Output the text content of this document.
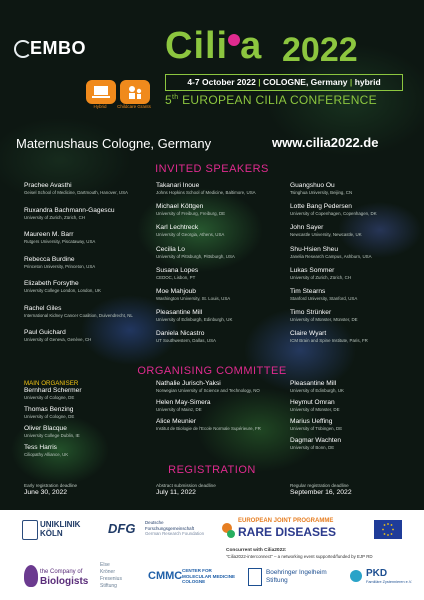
EMBO Cili a 2022
4-7 October 2022 | COLOGNE, Germany | hybrid
5th EUROPEAN CILIA CONFERENCE
Hybrid	Childcare Grants
Maternushaus Cologne, Germany	www.cilia2022.de
INVITED SPEAKERS
Prachee Avasthi
Geisel School of Medicine, Dartmouth, Hanover, USA
Ruxandra Bachmann-Gagescu
University of Zurich, Zürich, CH
Maureen M. Barr
Rutgers University, Piscataway, USA
Rebecca Burdine
Princeton University, Princeton, USA
Elizabeth Forsythe
University College London, London, UK
Rachel Giles
International Kidney Cancer Coalition, Duivendrecht, NL
Paul Guichard
University of Geneva, Genève, CH
Takanari Inoue
Johns Hopkins School of Medicine, Baltimore, USA
Michael Köttgen
University of Freiburg, Freiburg, DE
Karl Lechtreck
University of Georgia, Athens, USA
Cecilia Lo
University of Pittsburgh, Pittsburgh, USA
Susana Lopes
CEDOC, Lisbon, PT
Moe Mahjoub
Washington University, St. Louis, USA
Pleasantine Mill
University of Edinburgh, Edinburgh, UK
Daniela Nicastro
UT Southwestern, Dallas, USA
Guangshuo Ou
Tsinghua University, Beijing, CN
Lotte Bang Pedersen
University of Copenhagen, Copenhagen, DK
John Sayer
Newcastle University, Newcastle, UK
Shu-Hsien Sheu
Janelia Research Campus, Ashburn, USA
Lukas Sommer
University of Zurich, Zürich, CH
Tim Stearns
Stanford University, Stanford, USA
Timo Strünker
University of Münster, Münster, DE
Claire Wyart
ICM Brain and Spine Institute, Paris, FR
ORGANISING COMMITTEE
MAIN ORGANISER
Bernhard Schermer
University of Cologne, DE
Thomas Benzing
University of Cologne, DE
Oliver Blacque
University College Dublin, IE
Tess Harris
Ciliopathy Alliance, UK
Nathalie Jurisch-Yaksi
Norwegian University of Science and Technology, NO
Helen May-Simera
University of Mainz, DE
Alice Meunier
Institut de Biologie de l'Ecole Normale Supérieure, FR
Pleasantine Mill
University of Edinburgh, UK
Heymut Omran
University of Münster, DE
Marius Ueffing
University of Tübingen, DE
Dagmar Wachten
University of Bonn, DE
REGISTRATION
Early registration deadline
June 30, 2022
Abstract submission deadline
July 11, 2022
Regular registration deadline
September 16, 2022
UNIKLINIK
KÖLN	DFG Deutsche
Forschungsgemeinschaft
German Research Foundation
EUROPEAN JOINT PROGRAMME
RARE DISEASES
Concurrent with Cilia2022:
"Cilia2022-interconnect" – a networking event supported/funded by EJP RD
the Company of
Biologists
Else
Kröner
Fresenius
Stiftung
CMMC CENTER FOR
MOLECULAR MEDICINE
COLOGNE
Boehringer Ingelheim
Stiftung
PKD
Familiäre Zystennieren e.V.
